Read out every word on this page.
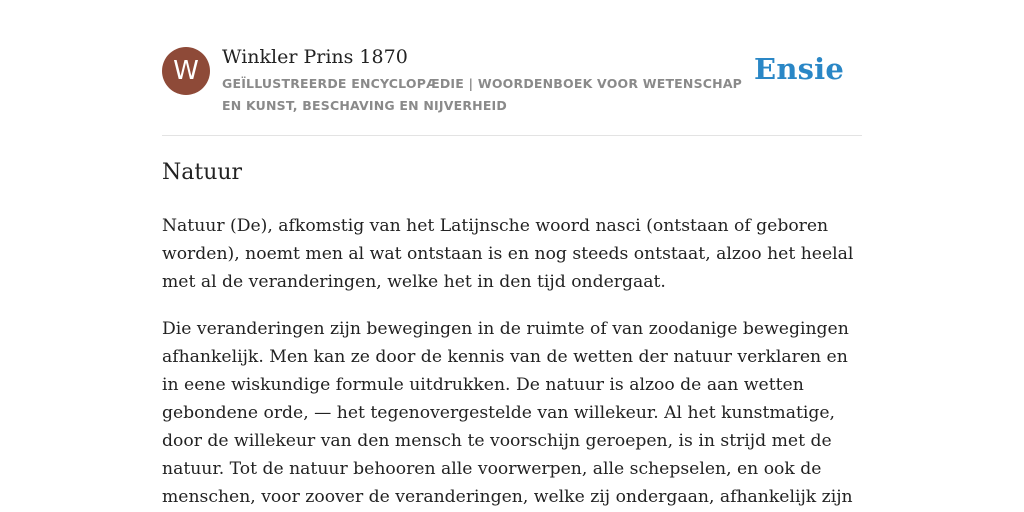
W	Winkler Prins 1870
GEÏLLUSTREERDE ENCYCLOPÆDIE | WOORDENBOEK VOOR WETENSCHAP EN KUNST, BESCHAVING EN NIJVERHEID
Ensie
Natuur

Natuur (De), afkomstig van het Latijnsche woord nasci (ontstaan of geboren worden), noemt men al wat ontstaan is en nog steeds ontstaat, alzoo het heelal met al de veranderingen, welke het in den tijd ondergaat.

Die veranderingen zijn bewegingen in de ruimte of van zoodanige bewegingen afhankelijk. Men kan ze door de kennis van de wetten der natuur verklaren en in eene wiskundige formule uitdrukken. De natuur is alzoo de aan wetten gebondene orde, — het tegenovergestelde van willekeur. Al het kunstmatige, door de willekeur van den mensch te voorschijn geroepen, is in strijd met de natuur. Tot de natuur behooren alle voorwerpen, alle schepselen, en ook de menschen, voor zoover de veranderingen, welke zij ondergaan, afhankelijk zijn
